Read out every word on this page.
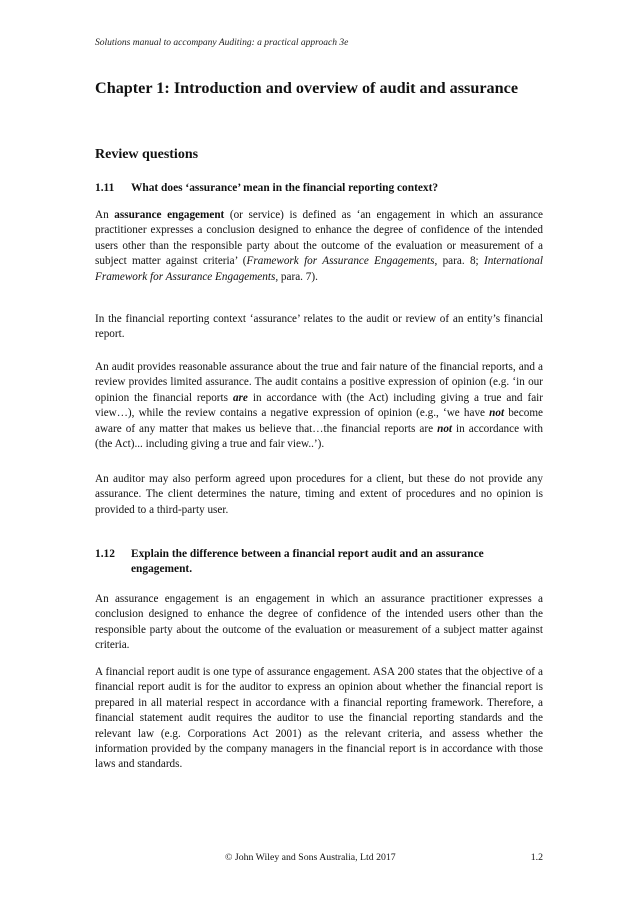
Solutions manual to accompany Auditing: a practical approach 3e
Chapter 1: Introduction and overview of audit and assurance
Review questions
1.11 What does ‘assurance’ mean in the financial reporting context?

An assurance engagement (or service) is defined as ‘an engagement in which an assurance practitioner expresses a conclusion designed to enhance the degree of confidence of the intended users other than the responsible party about the outcome of the evaluation or measurement of a subject matter against criteria’ (Framework for Assurance Engagements, para. 8; International Framework for Assurance Engagements, para. 7).

In the financial reporting context ‘assurance’ relates to the audit or review of an entity’s financial report.

An audit provides reasonable assurance about the true and fair nature of the financial reports, and a review provides limited assurance. The audit contains a positive expression of opinion (e.g. ‘in our opinion the financial reports are in accordance with (the Act) including giving a true and fair view…), while the review contains a negative expression of opinion (e.g., ‘we have not become aware of any matter that makes us believe that…the financial reports are not in accordance with (the Act)... including giving a true and fair view..’).

An auditor may also perform agreed upon procedures for a client, but these do not provide any assurance. The client determines the nature, timing and extent of procedures and no opinion is provided to a third-party user.

1.12 Explain the difference between a financial report audit and an assurance engagement.

An assurance engagement is an engagement in which an assurance practitioner expresses a conclusion designed to enhance the degree of confidence of the intended users other than the responsible party about the outcome of the evaluation or measurement of a subject matter against criteria.

A financial report audit is one type of assurance engagement. ASA 200 states that the objective of a financial report audit is for the auditor to express an opinion about whether the financial report is prepared in all material respect in accordance with a financial reporting framework. Therefore, a financial statement audit requires the auditor to use the financial reporting standards and the relevant law (e.g. Corporations Act 2001) as the relevant criteria, and assess whether the information provided by the company managers in the financial report is in accordance with those laws and standards.

© John Wiley and Sons Australia, Ltd 2017	1.2
